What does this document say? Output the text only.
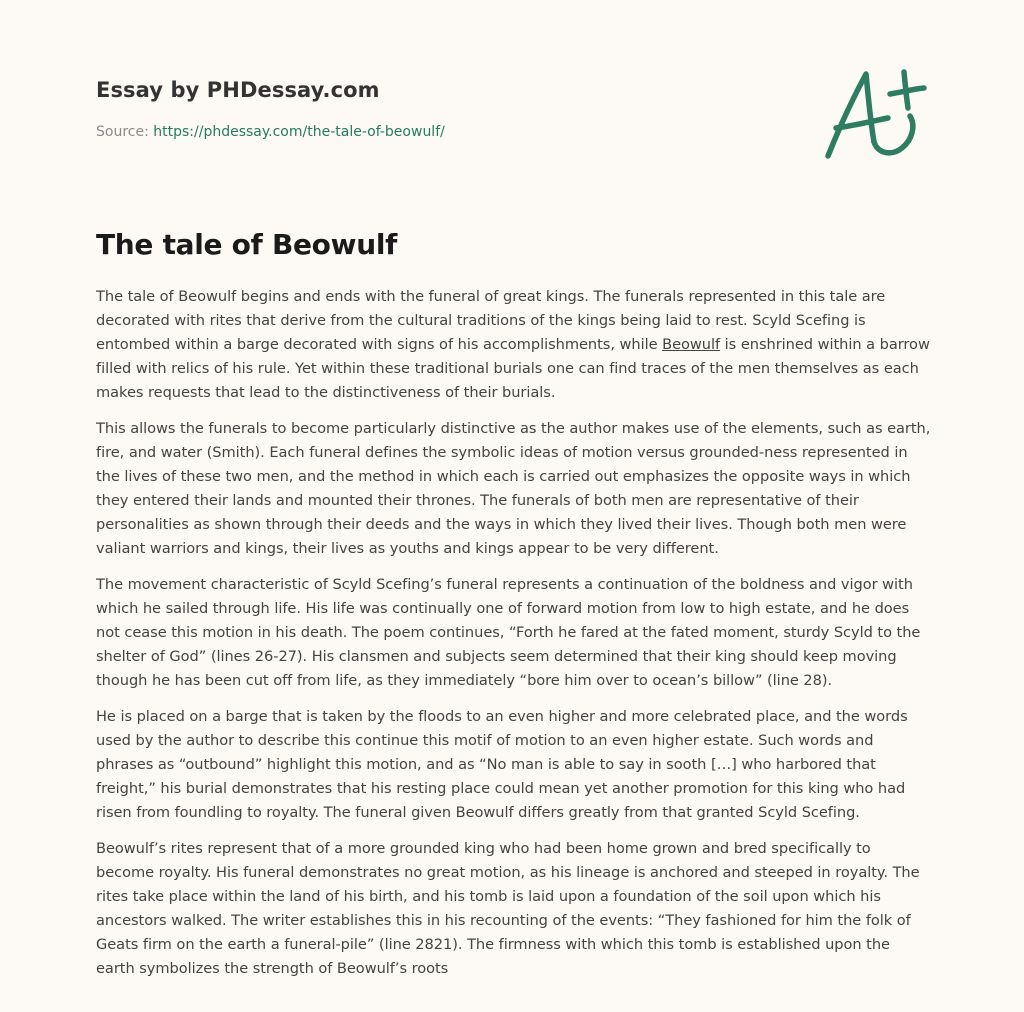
Essay by PHDessay.com
Source: https://phdessay.com/the-tale-of-beowulf/
The tale of Beowulf

The tale of Beowulf begins and ends with the funeral of great kings. The funerals represented in this tale are decorated with rites that derive from the cultural traditions of the kings being laid to rest. Scyld Scefing is entombed within a barge decorated with signs of his accomplishments, while Beowulf is enshrined within a barrow filled with relics of his rule. Yet within these traditional burials one can find traces of the men themselves as each makes requests that lead to the distinctiveness of their burials.

This allows the funerals to become particularly distinctive as the author makes use of the elements, such as earth, fire, and water (Smith). Each funeral defines the symbolic ideas of motion versus grounded-ness represented in the lives of these two men, and the method in which each is carried out emphasizes the opposite ways in which they entered their lands and mounted their thrones. The funerals of both men are representative of their personalities as shown through their deeds and the ways in which they lived their lives. Though both men were valiant warriors and kings, their lives as youths and kings appear to be very different.

The movement characteristic of Scyld Scefing’s funeral represents a continuation of the boldness and vigor with which he sailed through life. His life was continually one of forward motion from low to high estate, and he does not cease this motion in his death. The poem continues, “Forth he fared at the fated moment, sturdy Scyld to the shelter of God” (lines 26-27). His clansmen and subjects seem determined that their king should keep moving though he has been cut off from life, as they immediately “bore him over to ocean’s billow” (line 28).

He is placed on a barge that is taken by the floods to an even higher and more celebrated place, and the words used by the author to describe this continue this motif of motion to an even higher estate. Such words and phrases as “outbound” highlight this motion, and as “No man is able to say in sooth […] who harbored that freight,” his burial demonstrates that his resting place could mean yet another promotion for this king who had risen from foundling to royalty. The funeral given Beowulf differs greatly from that granted Scyld Scefing.

Beowulf’s rites represent that of a more grounded king who had been home grown and bred specifically to become royalty. His funeral demonstrates no great motion, as his lineage is anchored and steeped in royalty. The rites take place within the land of his birth, and his tomb is laid upon a foundation of the soil upon which his ancestors walked. The writer establishes this in his recounting of the events: “They fashioned for him the folk of Geats firm on the earth a funeral-pile” (line 2821). The firmness with which this tomb is established upon the earth symbolizes the strength of Beowulf’s roots
